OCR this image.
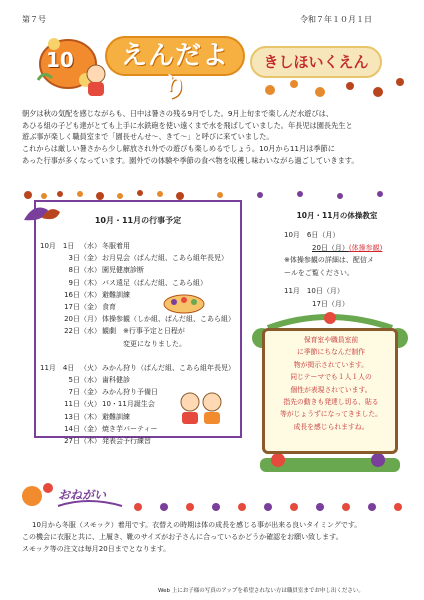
第７号	令和７年１０月１日
10	えんだより
きしほいくえん

朝夕は秋の気配を感じながらも、日中は暑さの残る9月でした。9月上旬まで楽しんだ水遊びは、

あひる組の子ども達がとても上手に水鉄砲を使い遠くまで水を飛ばしていました。年長児は園長先生と

遊ぶ事が楽しく職員室まで「園長せんせ～、きて～」と呼びに来ていました。

これからは厳しい暑さから少し解放され外での遊びも楽しめるでしょう。10月から11月は季節に

あった行事が多くなっています。園外での体験や季節の食べ物を収穫し味わいながら過ごしていきます。

10月・11月の行事予定
10月　1日 （水） 冬服着用
3日 （金） お月見会（ぱんだ組、こあら組年長児）
8日 （水） 園児健康診断
9日 （木） バス遠足（ぱんだ組、こあら組）
16日 （木） 避難訓練
17日 （金） 食育
20日 （月） 体操参観（しか組、ぱんだ組、こあら組）
22日 （水） 観劇　※行事予定と日程が
　　　変更になりました。
11月　4日 （火） みかん狩り（ぱんだ組、こあら組年長児）
5日 （水） 歯科健診
7日 （金） みかん狩り予備日
11日 （火） 10・11月誕生会
13日 （木） 避難訓練
14日 （金） 焼き芋パーティー
27日 （木） 発表会予行練習
10月・11月の体操教室
10月　6日（月）
20日（月）(体操参観)
※体操参観の詳細は、配信メ
ールをご覧ください。
11月　10日（月）
17日（月）
保育室や職員室前
に季節にちなんだ制作
物が掲示されています。
同じテーマでも１人１人の
個性が表現されています。
指先の動きも発達し切る、貼る
等がじょうずになってきました。
成長を感じられますね。
おねがい
10月から冬服（スモック）着用です。衣替えの時期は体の成長を感じる事が出来る良いタイミングです。
この機会に衣服と共に、上履き、靴のサイズがお子さんに合っているかどうか確認をお願い致します。
スモック等の注文は毎月20日までとなります。
Web 上にお子様の写真のアップを希望されない方は職員室までお申し出ください。
